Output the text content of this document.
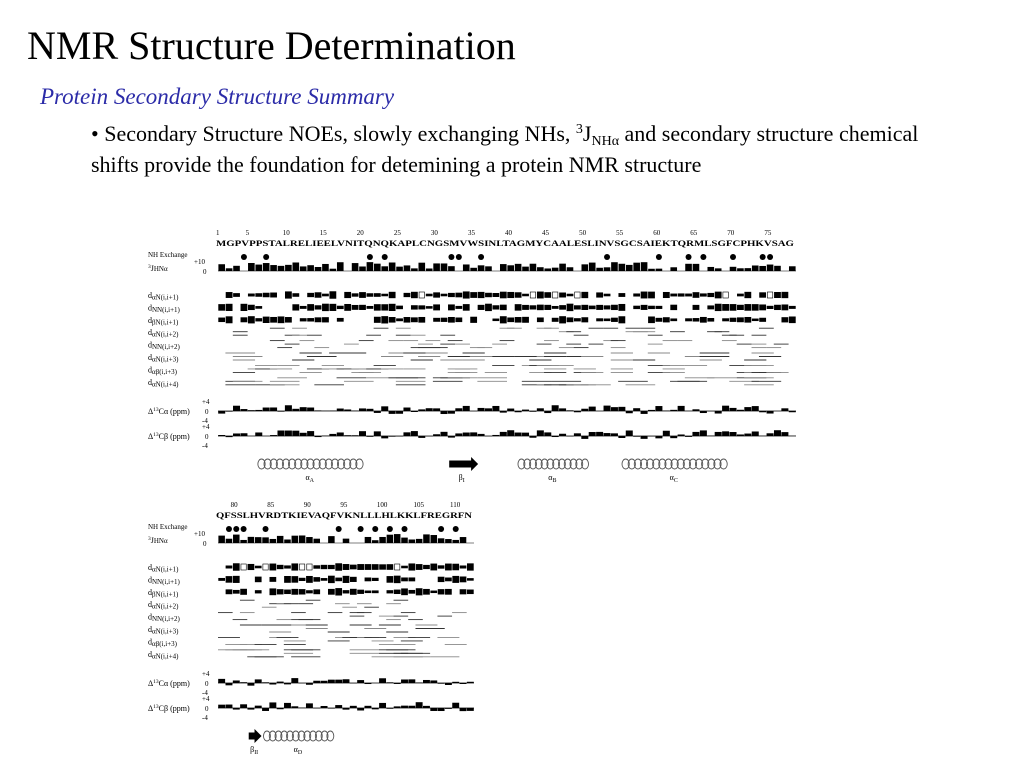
NMR Structure Determination
Protein Secondary Structure Summary
• Secondary Structure NOEs, slowly exchanging NHs, $^3J_{NH\alpha}$ and secondary structure chemical shifts provide the foundation for detemining a protein NMR structure
1	5	10	15	20	25	30	35	40	45	50	55	60	65	70	75
MGPVPPSTALRELIEELVNITQNQKAPLCNGSMVWSINLTAGMYCAALESLINVSGCSAIEKTQRMLSGFCPHKVSAG
NH Exchange
$^3$JHNα
+10
0
dαN(i,i+1)
dNN(i,i+1)
dβN(i,i+1)
dαN(i,i+2)
dNN(i,i+2)
dαN(i,i+3)
dαβ(i,i+3)
dαN(i,i+4)
$\Delta^{13}C\alpha$ (ppm)
+4
0
-4
$\Delta^{13}C\beta$ (ppm)
+4
0
-4
$\alpha_A$	$\beta_I$	$\alpha_B$	$\alpha_C$
80	85	90	95	100	105	110
QFSSLHVRDTKIEVAQFVKNLLLHLKKLFREGRFN
NH Exchange
$^3$JHNα
+10
0
dαN(i,i+1)
dNN(i,i+1)
dβN(i,i+1)
dαN(i,i+2)
dNN(i,i+2)
dαN(i,i+3)
dαβ(i,i+3)
dαN(i,i+4)
$\Delta^{13}C\alpha$ (ppm)
+4
0
-4
$\Delta^{13}C\beta$ (ppm)
+4
0
-4
$\beta_{II}$	$\alpha_D$
